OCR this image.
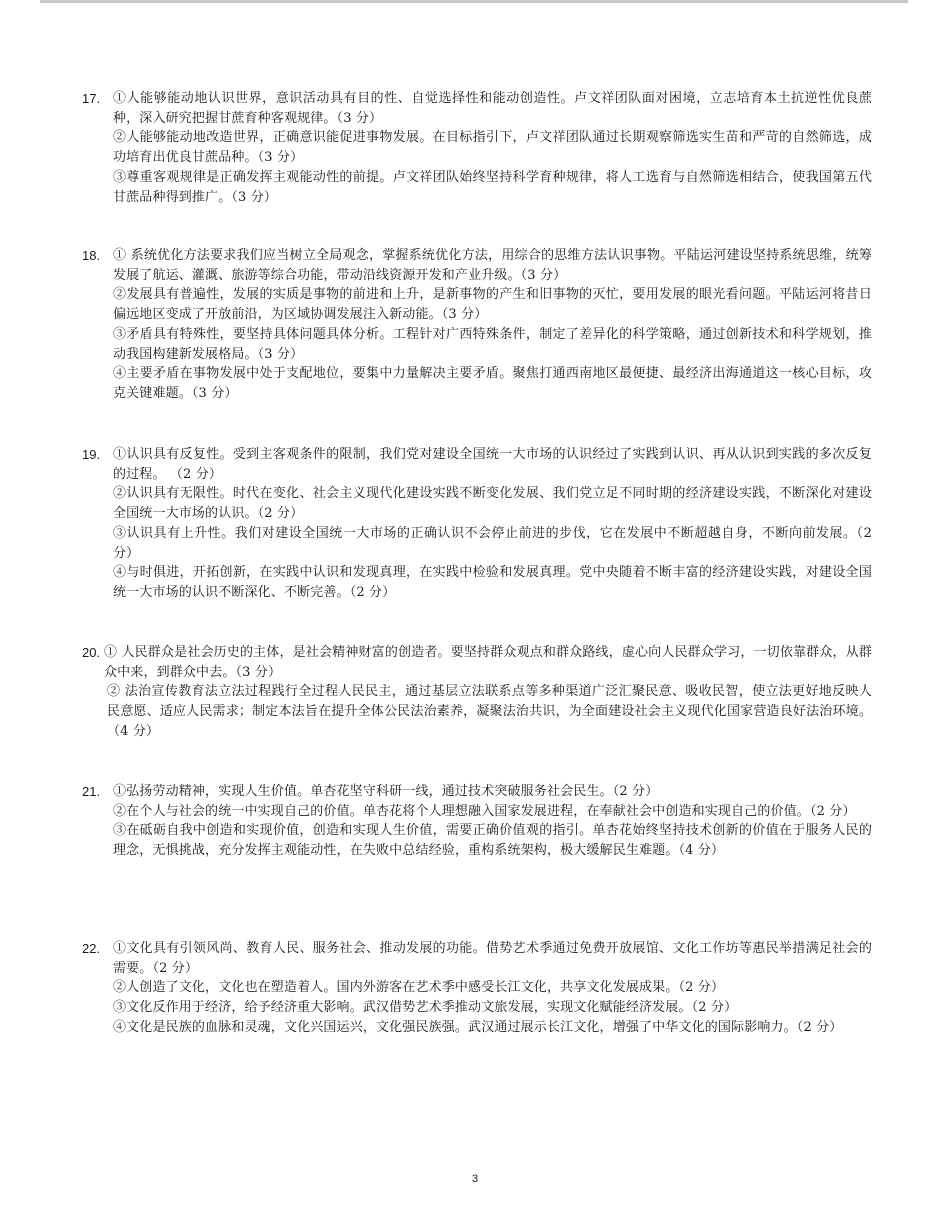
17. ①人能够能动地认识世界，意识活动具有目的性、自觉选择性和能动创造性。卢文祥团队面对困境，立志培育本土抗逆性优良蔗种，深入研究把握甘蔗育种客观规律。（3 分）
②人能够能动地改造世界，正确意识能促进事物发展。在目标指引下，卢文祥团队通过长期观察筛选实生苗和严苛的自然筛选，成功培育出优良甘蔗品种。（3 分）
③尊重客观规律是正确发挥主观能动性的前提。卢文祥团队始终坚持科学育种规律，将人工选育与自然筛选相结合，使我国第五代甘蔗品种得到推广。（3 分）
18. ① 系统优化方法要求我们应当树立全局观念，掌握系统优化方法，用综合的思维方法认识事物。平陆运河建设坚持系统思维，统筹发展了航运、灌溉、旅游等综合功能，带动沿线资源开发和产业升级。（3 分）
②发展具有普遍性，发展的实质是事物的前进和上升，是新事物的产生和旧事物的灭忙，要用发展的眼光看问题。平陆运河将昔日偏远地区变成了开放前沿，为区域协调发展注入新动能。（3 分）
③矛盾具有特殊性，要坚持具体问题具体分析。工程针对广西特殊条件，制定了差异化的科学策略，通过创新技术和科学规划，推动我国构建新发展格局。（3 分）
④主要矛盾在事物发展中处于支配地位，要集中力量解决主要矛盾。聚焦打通西南地区最便捷、最经济出海通道这一核心目标，攻克关键难题。（3 分）
19. ①认识具有反复性。受到主客观条件的限制，我们党对建设全国统一大市场的认识经过了实践到认识、再从认识到实践的多次反复的过程。 （2 分）
②认识具有无限性。时代在变化、社会主义现代化建设实践不断变化发展、我们党立足不同时期的经济建设实践，不断深化对建设全国统一大市场的认识。（2 分）
③认识具有上升性。我们对建设全国统一大市场的正确认识不会停止前进的步伐，它在发展中不断超越自身，不断向前发展。（2 分）
④与时俱进，开拓创新，在实践中认识和发现真理，在实践中检验和发展真理。党中央随着不断丰富的经济建设实践，对建设全国统一大市场的认识不断深化、不断完善。（2 分）
20. ① 人民群众是社会历史的主体，是社会精神财富的创造者。要坚持群众观点和群众路线，虚心向人民群众学习，一切依靠群众，从群众中来，到群众中去。（3 分）
② 法治宣传教育法立法过程践行全过程人民民主，通过基层立法联系点等多种渠道广泛汇聚民意、吸收民智，使立法更好地反映人民意愿、适应人民需求；制定本法旨在提升全体公民法治素养，凝聚法治共识，为全面建设社会主义现代化国家营造良好法治环境。（4 分）
21. ①弘扬劳动精神，实现人生价值。单杏花坚守科研一线，通过技术突破服务社会民生。（2 分）
②在个人与社会的统一中实现自己的价值。单杏花将个人理想融入国家发展进程，在奉献社会中创造和实现自己的价值。（2 分）
③在砥砺自我中创造和实现价值，创造和实现人生价值，需要正确价值观的指引。单杏花始终坚持技术创新的价值在于服务人民的理念，无惧挑战，充分发挥主观能动性，在失败中总结经验，重构系统架构，极大缓解民生难题。（4 分）
22. ①文化具有引领风尚、教育人民、服务社会、推动发展的功能。借势艺术季通过免费开放展馆、文化工作坊等惠民举措满足社会的需要。（2 分）
②人创造了文化，文化也在塑造着人。国内外游客在艺术季中感受长江文化，共享文化发展成果。（2 分）
③文化反作用于经济，给予经济重大影响。武汉借势艺术季推动文旅发展，实现文化赋能经济发展。（2 分）
④文化是民族的血脉和灵魂，文化兴国运兴，文化强民族强。武汉通过展示长江文化，增强了中华文化的国际影响力。（2 分）
3
